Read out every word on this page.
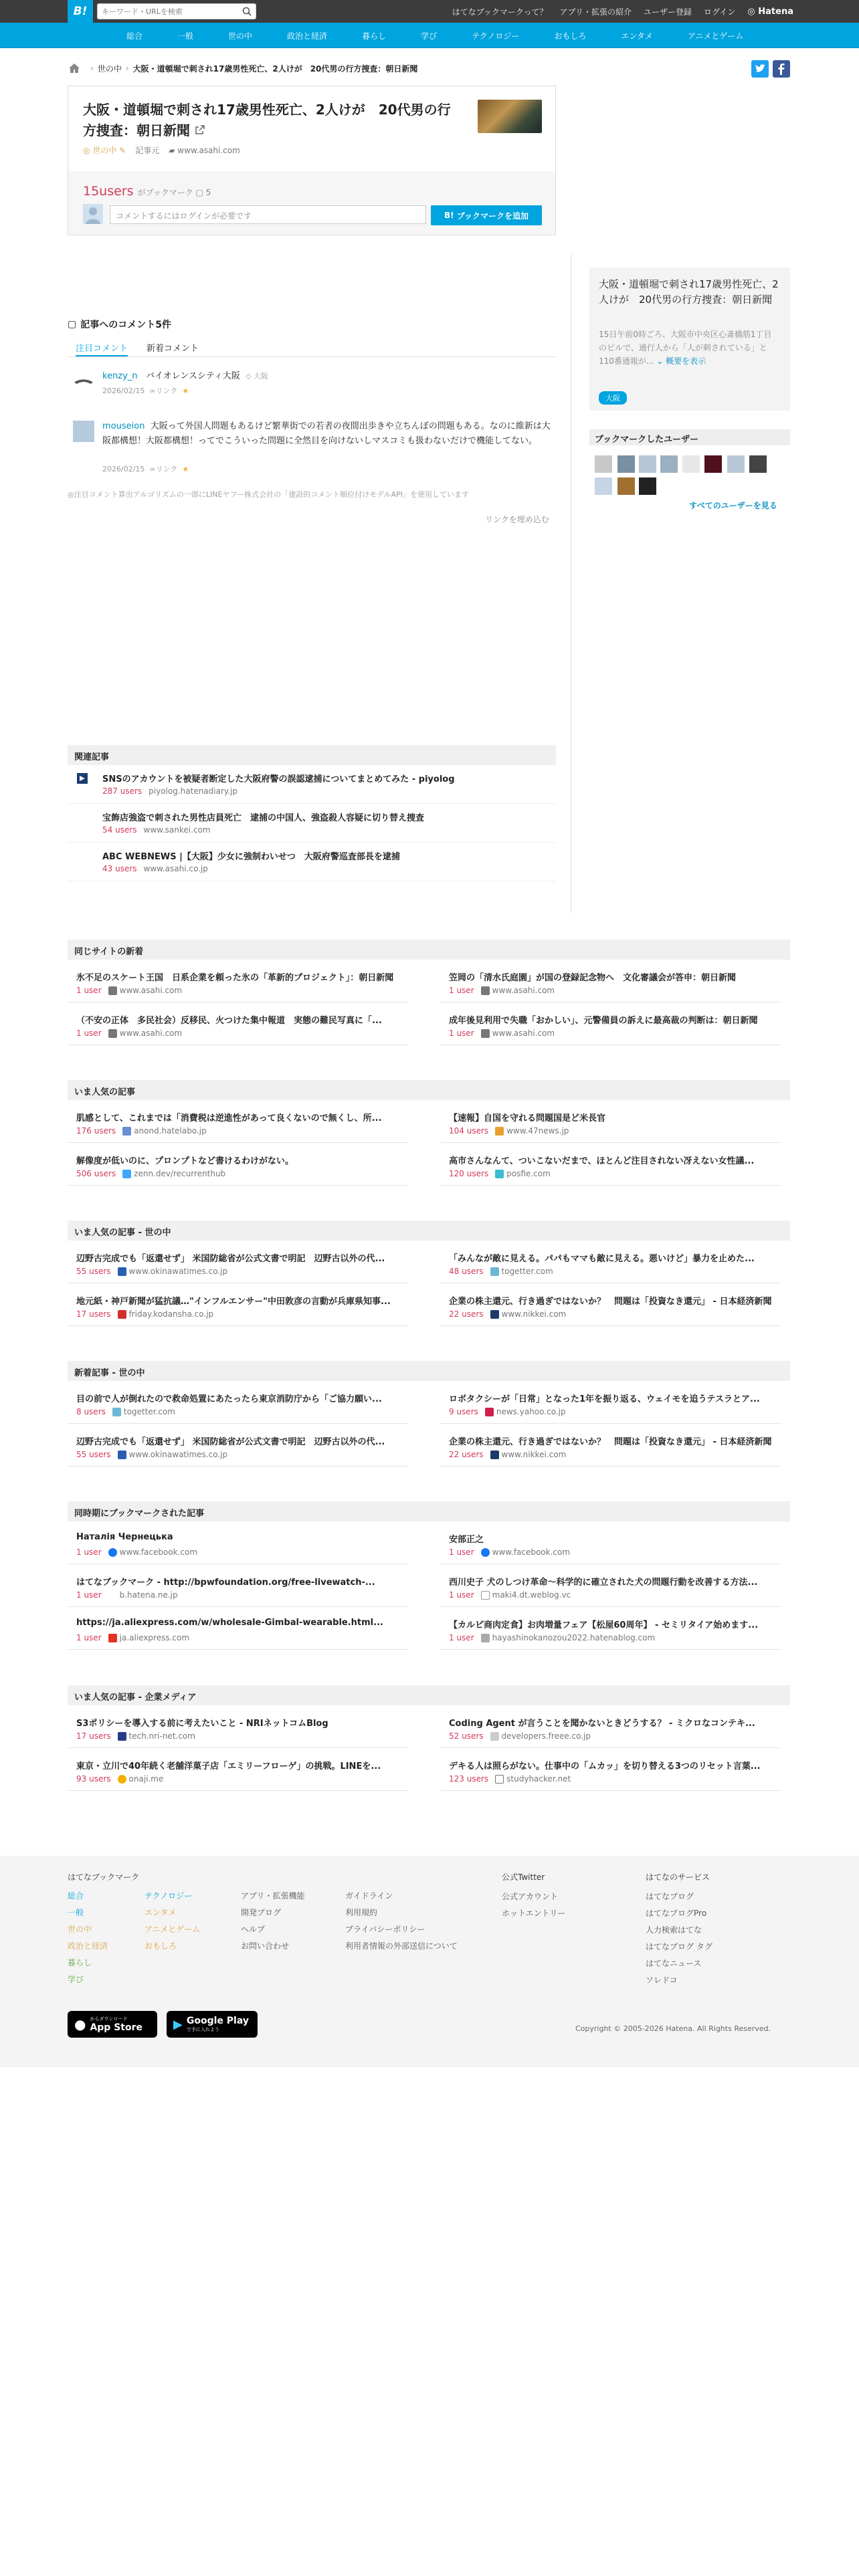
B!
キーワード・URLを検索	はてなブックマークって？ アプリ・拡張の紹介 ユーザー登録 ログイン ◎ Hatena
総合	一般	世の中	政治と経済	暮らし	学び	テクノロジー	おもしろ	エンタメ	アニメとゲーム
› 世の中 › 大阪・道頓堀で刺され17歳男性死亡、2人けが　20代男の行方捜査：朝日新聞
大阪・道頓堀で刺され17歳男性死亡、2人けが　20代男の行方捜査：朝日新聞
◎ 世の中 ✎ 記事元 ▰ www.asahi.com
15users がブックマーク ▢ 5
コメントするにはログインが必要です	B!
ブックマークを追加
大阪・道頓堀で刺され17歳男性死亡、2人けが　20代男の行方捜査：朝日新聞
15日午前0時ごろ、大阪市中央区心斎橋筋1丁目のビルで、通行人から「人が刺されている」と110番通報が... ⌄ 概要を表示
大阪
ブックマークしたユーザー
すべてのユーザーを見る
▢ 記事へのコメント5件
注目コメント 新着コメント
kenzy_n バイオレンスシティ大阪 ◇ 大阪
2026/02/15 ∞リンク ★
mouseion 大阪って外国人問題もあるけど繁華街での若者の夜間出歩きや立ちんぼの問題もある。なのに維新は大阪都構想！大阪都構想！ってでこういった問題に全然目を向けないしマスコミも扱わないだけで機能してない。
2026/02/15 ∞リンク ★
◎注目コメント算出アルゴリズムの一部にLINEヤフー株式会社の「建設的コメント順位付けモデルAPI」を使用しています
リンクを埋め込む
関連記事
SNSのアカウントを被疑者断定した大阪府警の誤認逮捕についてまとめてみた - piyolog
287 users piyolog.hatenadiary.jp
宝飾店強盗で刺された男性店員死亡　逮捕の中国人、強盗殺人容疑に切り替え捜査
54 users www.sankei.com
ABC WEBNEWS |【大阪】少女に強制わいせつ　大阪府警巡査部長を逮捕
43 users www.asahi.co.jp
同じサイトの新着
氷不足のスケート王国　日系企業を頼った氷の「革新的プロジェクト」：朝日新聞
1 user www.asahi.com
笠岡の「清水氏庭園」が国の登録記念物へ　文化審議会が答申：朝日新聞
1 user www.asahi.com
（不安の正体　多民社会）反移民、火つけた集中報道　実態の難民写真に「...
1 user www.asahi.com
成年後見利用で失職「おかしい」、元警備員の訴えに最高裁の判断は：朝日新聞
1 user www.asahi.com
いま人気の記事
肌感として、これまでは「消費税は逆進性があって良くないので無くし、所...
176 users anond.hatelabo.jp
【速報】自国を守れる問題国是ど米長官
104 users www.47news.jp
解像度が低いのに、プロンプトなど書けるわけがない。
506 users zenn.dev/recurrenthub
高市さんなんて、ついこないだまで、ほとんど注目されない冴えない女性議...
120 users posfie.com
いま人気の記事 - 世の中
辺野古完成でも「返還せず」 米国防総省が公式文書で明記　辺野古以外の代...
55 users www.okinawatimes.co.jp
「みんなが敵に見える。パパもママも敵に見える。悪いけど」暴力を止めた...
48 users togetter.com
地元紙・神戸新聞が猛抗議…"インフルエンサー"中田敦彦の言動が兵庫県知事...
17 users friday.kodansha.co.jp
企業の株主還元、行き過ぎではないか？　問題は「投資なき還元」 - 日本経済新聞
22 users www.nikkei.com
新着記事 - 世の中
目の前で人が倒れたので救命処置にあたったら東京消防庁から「ご協力願い...
8 users togetter.com
ロボタクシーが「日常」となった1年を振り返る、ウェイモを追うテスラとア...
9 users news.yahoo.co.jp
辺野古完成でも「返還せず」 米国防総省が公式文書で明記　辺野古以外の代...
55 users www.okinawatimes.co.jp
企業の株主還元、行き過ぎではないか？　問題は「投資なき還元」 - 日本経済新聞
22 users www.nikkei.com
同時期にブックマークされた記事
Наталія Чернецька
1 user www.facebook.com
安部正之
1 user www.facebook.com
はてなブックマーク - http://bpwfoundation.org/free-livewatch-...
1 user b.hatena.ne.jp
西川史子 犬のしつけ革命〜科学的に確立された犬の問題行動を改善する方法...
1 user maki4.dt.weblog.vc
https://ja.aliexpress.com/w/wholesale-Gimbal-wearable.html...
1 user ja.aliexpress.com
【カルピ商肉定食】お肉増量フェア【松屋60周年】 - セミリタイア始めます...
1 user hayashinokanozou2022.hatenablog.com
いま人気の記事 - 企業メディア
S3ポリシーを導入する前に考えたいこと - NRIネットコムBlog
17 users tech.nri-net.com
Coding Agent が言うことを聞かないときどうする？ - ミクロなコンテキ...
52 users developers.freee.co.jp
東京・立川で40年続く老舗洋菓子店「エミリーフローゲ」の挑戦。LINEを...
93 users onaji.me
デキる人は照らがない。仕事中の「ムカッ」を切り替える3つのリセット言葉...
123 users studyhacker.net
はてなブックマーク
総合
一般
世の中
政治と経済
暮らし
学び
テクノロジー
エンタメ
アニメとゲーム
おもしろ
アプリ・拡張機能
開発ブログ
ヘルプ
お問い合わせ
ガイドライン
利用規約
プライバシーポリシー
利用者情報の外部送信について
公式Twitter
公式アカウント
ホットエントリー
はてなのサービス
はてなブログ
はてなブログPro
人力検索はてな
はてなブログ タグ
はてなニュース
ソレドコ
● からダウンロード
App Store	▶ Google Play
で手に入れよう	Copyright © 2005-2026 Hatena. All Rights Reserved.
